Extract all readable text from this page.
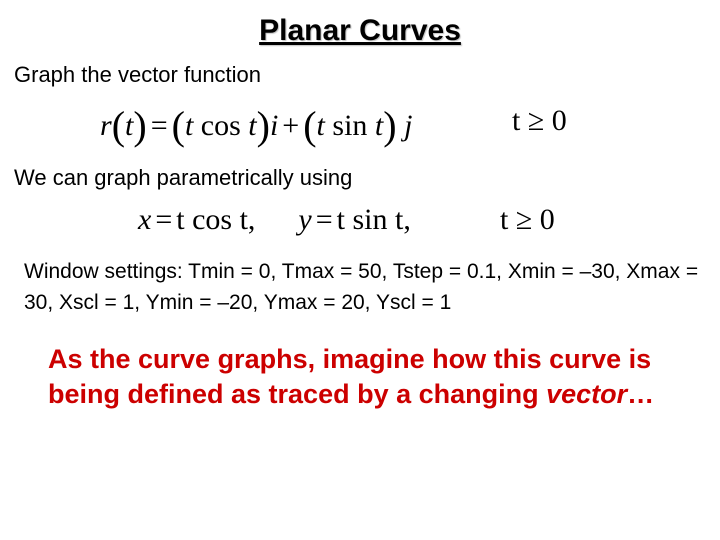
Planar Curves
Graph the vector function
r(t) = (t cos t)i + (t sin t) j	t ≥ 0
We can graph parametrically using
x = t cos t, y = t sin t,	t ≥ 0
Window settings: Tmin = 0, Tmax = 50, Tstep = 0.1, Xmin = –30, Xmax = 30, Xscl = 1, Ymin = –20, Ymax = 20, Yscl = 1
As the curve graphs, imagine how this curve is being defined as traced by a changing vector…
